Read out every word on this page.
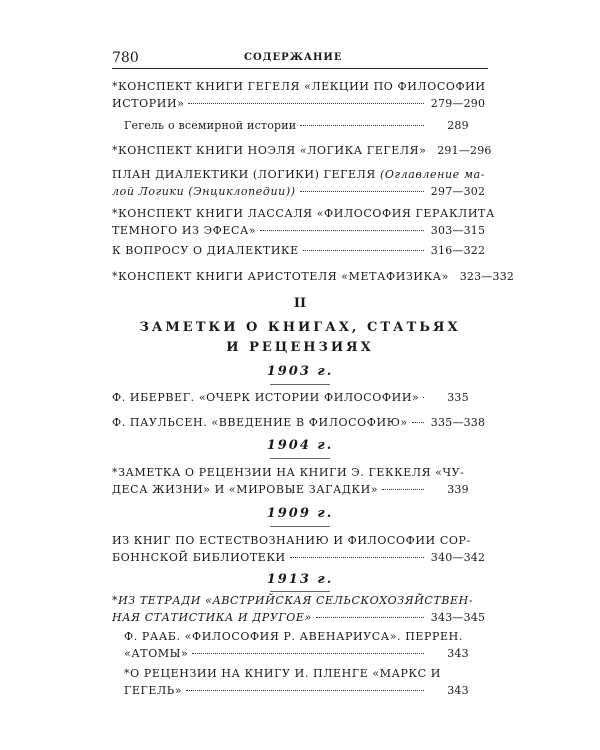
780	СОДЕРЖАНИЕ
*КОНСПЕКТ КНИГИ ГЕГЕЛЯ «ЛЕКЦИИ ПО ФИЛОСОФИИ
ИСТОРИИ»	279—290
Гегель о всемирной истории	289
*КОНСПЕКТ КНИГИ НОЭЛЯ «ЛОГИКА ГЕГЕЛЯ» 291—296
ПЛАН ДИАЛЕКТИКИ (ЛОГИКИ) ГЕГЕЛЯ (Оглавление ма-
лой Логики (Энциклопедии))	297—302
*КОНСПЕКТ КНИГИ ЛАССАЛЯ «ФИЛОСОФИЯ ГЕРАКЛИТА
ТЕМНОГО ИЗ ЭФЕСА»	303—315
К ВОПРОСУ О ДИАЛЕКТИКЕ	316—322
*КОНСПЕКТ КНИГИ АРИСТОТЕЛЯ «МЕТАФИЗИКА» 323—332
II
ЗАМЕТКИ О КНИГАХ, СТАТЬЯХ
И РЕЦЕНЗИЯХ
1903 г.
Ф. ИБЕРВЕГ. «ОЧЕРК ИСТОРИИ ФИЛОСОФИИ»	335
Ф. ПАУЛЬСЕН. «ВВЕДЕНИЕ В ФИЛОСОФИЮ» 335—338
1904 г.
*ЗАМЕТКА О РЕЦЕНЗИИ НА КНИГИ Э. ГЕККЕЛЯ «ЧУ-
ДЕСА ЖИЗНИ» И «МИРОВЫЕ ЗАГАДКИ»	339
1909 г.
ИЗ КНИГ ПО ЕСТЕСТВОЗНАНИЮ И ФИЛОСОФИИ СОР-
БОННСКОЙ БИБЛИОТЕКИ	340—342
1913 г.
*ИЗ ТЕТРАДИ «АВСТРИЙСКАЯ СЕЛЬСКОХОЗЯЙСТВЕН-
НАЯ СТАТИСТИКА И ДРУГОЕ»	343—345
Ф. РААБ. «ФИЛОСОФИЯ Р. АВЕНАРИУСА». ПЕРРЕН.
«АТОМЫ»	343
*О РЕЦЕНЗИИ НА КНИГУ И. ПЛЕНГЕ «МАРКС И
ГЕГЕЛЬ»	343
